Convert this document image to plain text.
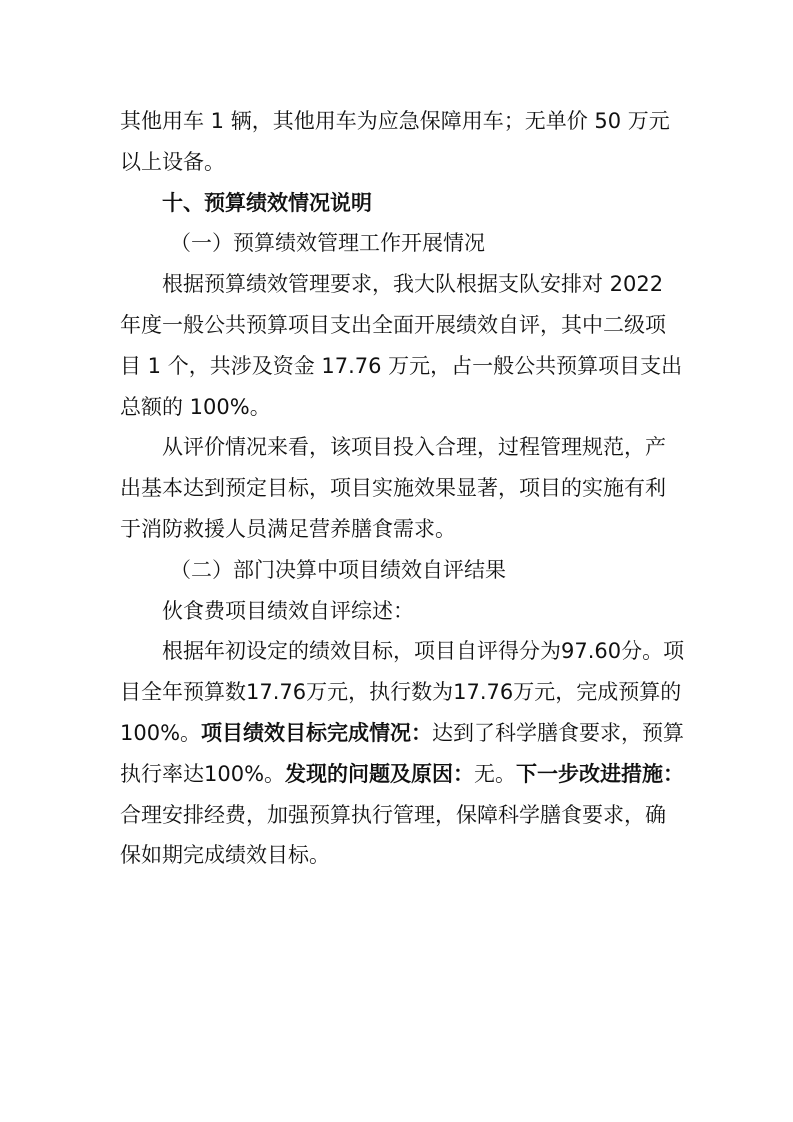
其他用车 1 辆，其他用车为应急保障用车；无单价 50 万元
以上设备。
十、预算绩效情况说明
（一）预算绩效管理工作开展情况
根据预算绩效管理要求，我大队根据支队安排对 2022
年度一般公共预算项目支出全面开展绩效自评，其中二级项
目 1 个，共涉及资金 17.76 万元，占一般公共预算项目支出
总额的 100%。
从评价情况来看，该项目投入合理，过程管理规范，产
出基本达到预定目标，项目实施效果显著，项目的实施有利
于消防救援人员满足营养膳食需求。
（二）部门决算中项目绩效自评结果
伙食费项目绩效自评综述：
根据年初设定的绩效目标，项目自评得分为97.60分。项
目全年预算数17.76万元，执行数为17.76万元，完成预算的
100%。项目绩效目标完成情况：达到了科学膳食要求，预算
执行率达100%。发现的问题及原因：无。下一步改进措施：
合理安排经费，加强预算执行管理，保障科学膳食要求，确
保如期完成绩效目标。
